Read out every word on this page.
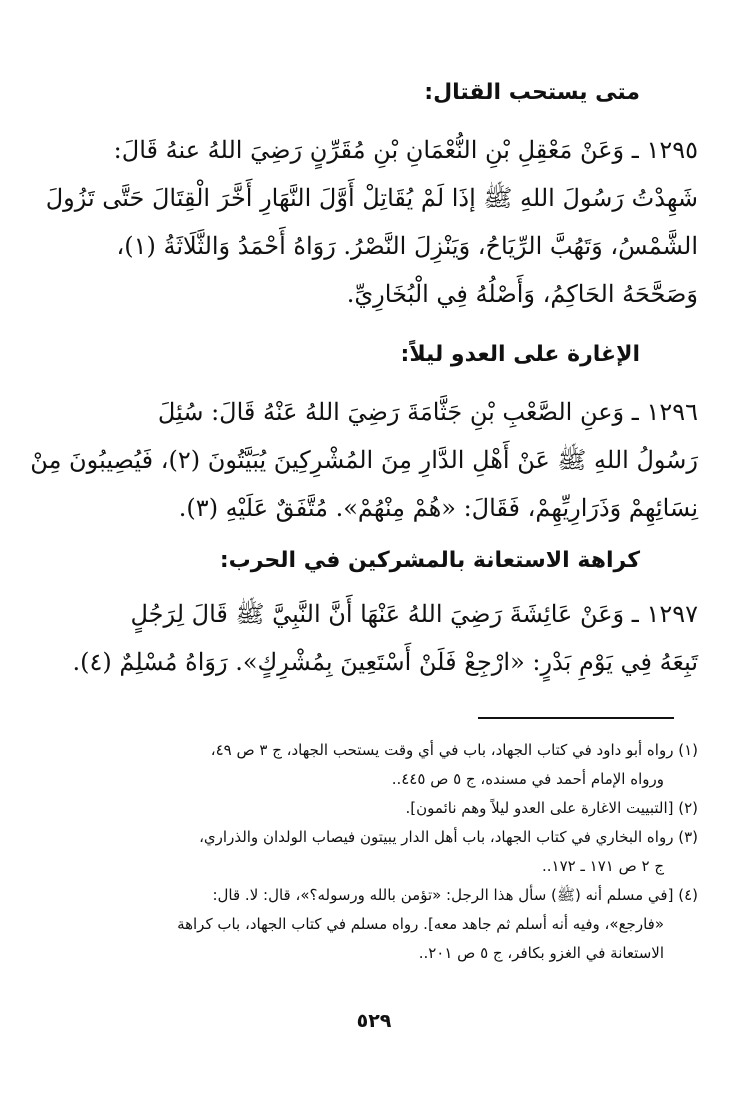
متى يستحب القتال:
١٢٩٥ ـ وَعَنْ مَعْقِلِ بْنِ النُّعْمَانِ بْنِ مُقَرِّنٍ رَضِيَ اللهُ عنهُ قَالَ:
شَهِدْتُ رَسُولَ اللهِ ﷺ إذَا لَمْ يُقَاتِلْ أَوَّلَ النَّهَارِ أَخَّرَ الْقِتَالَ حَتَّى تَزُولَ
الشَّمْسُ، وَتَهُبَّ الرِّيَاحُ، وَيَنْزِلَ النَّصْرُ. رَوَاهُ أَحْمَدُ وَالثَّلَاثَةُ (١)،
وَصَحَّحَهُ الحَاكِمُ، وَأَصْلُهُ فِي الْبُخَارِيِّ.
الإغارة على العدو ليلاً:
١٢٩٦ ـ وَعنِ الصَّعْبِ بْنِ جَثَّامَةَ رَضِيَ اللهُ عَنْهُ قَالَ: سُئِلَ
رَسُولُ اللهِ ﷺ عَنْ أَهْلِ الدَّارِ مِنَ المُشْرِكِينَ يُبَيَّتُونَ (٢)، فَيُصِيبُونَ مِنْ
نِسَائِهِمْ وَذَرَارِيِّهِمْ، فَقَالَ: «هُمْ مِنْهُمْ». مُتَّفَقٌ عَلَيْهِ (٣).
كراهة الاستعانة بالمشركين في الحرب:
١٢٩٧ ـ وَعَنْ عَائِشَةَ رَضِيَ اللهُ عَنْهَا أَنَّ النَّبِيَّ ﷺ قَالَ لِرَجُلٍ
تَبِعَهُ فِي يَوْمِ بَدْرٍ: «ارْجِعْ فَلَنْ أَسْتَعِينَ بِمُشْرِكٍ». رَوَاهُ مُسْلِمٌ (٤).
(١) رواه أبو داود في كتاب الجهاد، باب في أي وقت يستحب الجهاد، ج ٣ ص ٤٩،
ورواه الإمام أحمد في مسنده، ج ٥ ص ٤٤٥..
(٢) [التبييت الاغارة على العدو ليلاً وهم نائمون].
(٣) رواه البخاري في كتاب الجهاد، باب أهل الدار يبيتون فيصاب الولدان والذراري،
ج ٢ ص ١٧١ ـ ١٧٢..
(٤) [في مسلم أنه (ﷺ) سأل هذا الرجل: «تؤمن بالله ورسوله؟»، قال: لا. قال:
«فارجع»، وفيه أنه أسلم ثم جاهد معه]. رواه مسلم في كتاب الجهاد، باب كراهة
الاستعانة في الغزو بكافر، ج ٥ ص ٢٠١..
٥٢٩
